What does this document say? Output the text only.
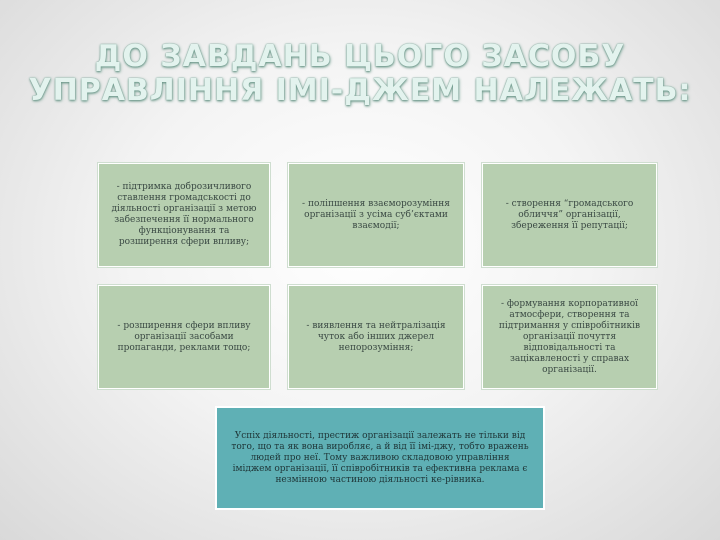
ДО ЗАВДАНЬ ЦЬОГО ЗАСОБУ
УПРАВЛІННЯ ІМІ-ДЖЕМ НАЛЕЖАТЬ:
- підтримка доброзичливого ставлення громадськості до діяльності організації з метою забезпечення її нормального функціонування та розширення сфери впливу;
- поліпшення взаєморозуміння організації з усіма суб’єктами взаємодії;
- створення “громадського обличчя” організації, збереження її репутації;
- розширення сфери впливу організації засобами пропаганди, реклами тощо;
- виявлення та нейтралізація чуток або інших джерел непорозуміння;
- формування корпоративної атмосфери, створення та підтримання у співробітників організації почуття відповідальності та зацікавленості у справах організації.
Успіх діяльності, престиж організації залежать не тільки від того, що та як вона виробляє, а й від її імі-джу, тобто вражень людей про неї. Тому важливою складовою управління іміджем організації, її співробітників та ефективна реклама є незмінною частиною діяльності ке-рівника.
